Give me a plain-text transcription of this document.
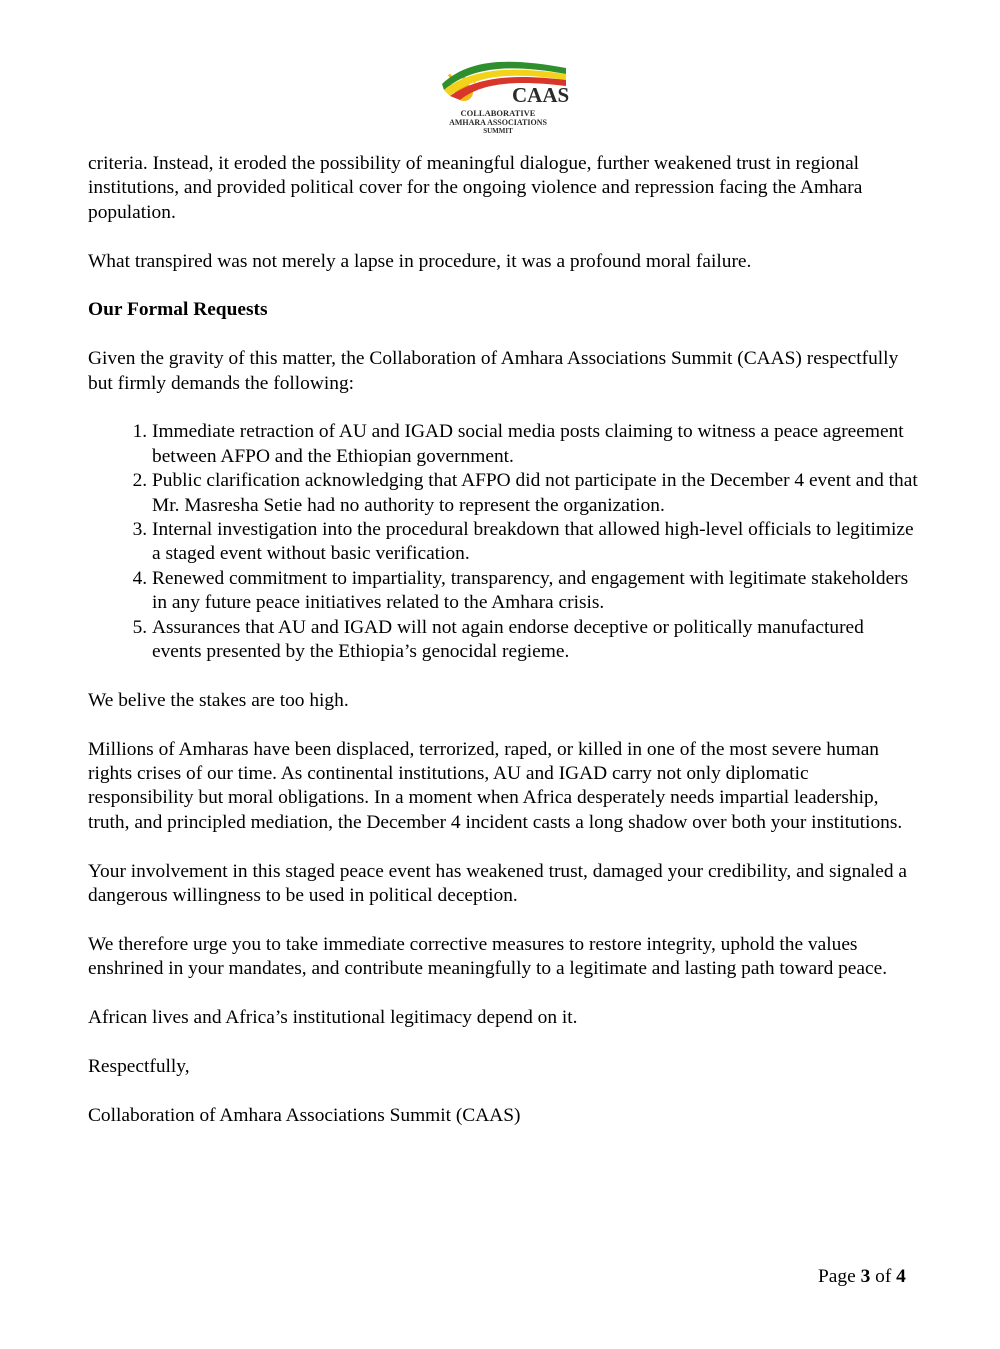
CAAS
COLLABORATIVE
AMHARA ASSOCIATIONS
SUMMIT

criteria. Instead, it eroded the possibility of meaningful dialogue, further weakened trust in regional institutions, and provided political cover for the ongoing violence and repression facing the Amhara population.

What transpired was not merely a lapse in procedure, it was a profound moral failure.

Our Formal Requests

Given the gravity of this matter, the Collaboration of Amhara Associations Summit (CAAS) respectfully but firmly demands the following:

1. Immediate retraction of AU and IGAD social media posts claiming to witness a peace agreement between AFPO and the Ethiopian government.
2. Public clarification acknowledging that AFPO did not participate in the December 4 event and that Mr. Masresha Setie had no authority to represent the organization.
3. Internal investigation into the procedural breakdown that allowed high-level officials to legitimize a staged event without basic verification.
4. Renewed commitment to impartiality, transparency, and engagement with legitimate stakeholders in any future peace initiatives related to the Amhara crisis.
5. Assurances that AU and IGAD will not again endorse deceptive or politically manufactured events presented by the Ethiopia’s genocidal regieme.

We belive the stakes are too high.

Millions of Amharas have been displaced, terrorized, raped, or killed in one of the most severe human rights crises of our time. As continental institutions, AU and IGAD carry not only diplomatic responsibility but moral obligations. In a moment when Africa desperately needs impartial leadership, truth, and principled mediation, the December 4 incident casts a long shadow over both your institutions.

Your involvement in this staged peace event has weakened trust, damaged your credibility, and signaled a dangerous willingness to be used in political deception.

We therefore urge you to take immediate corrective measures to restore integrity, uphold the values enshrined in your mandates, and contribute meaningfully to a legitimate and lasting path toward peace.

African lives and Africa’s institutional legitimacy depend on it.

Respectfully,

Collaboration of Amhara Associations Summit (CAAS)

Page 3 of 4
